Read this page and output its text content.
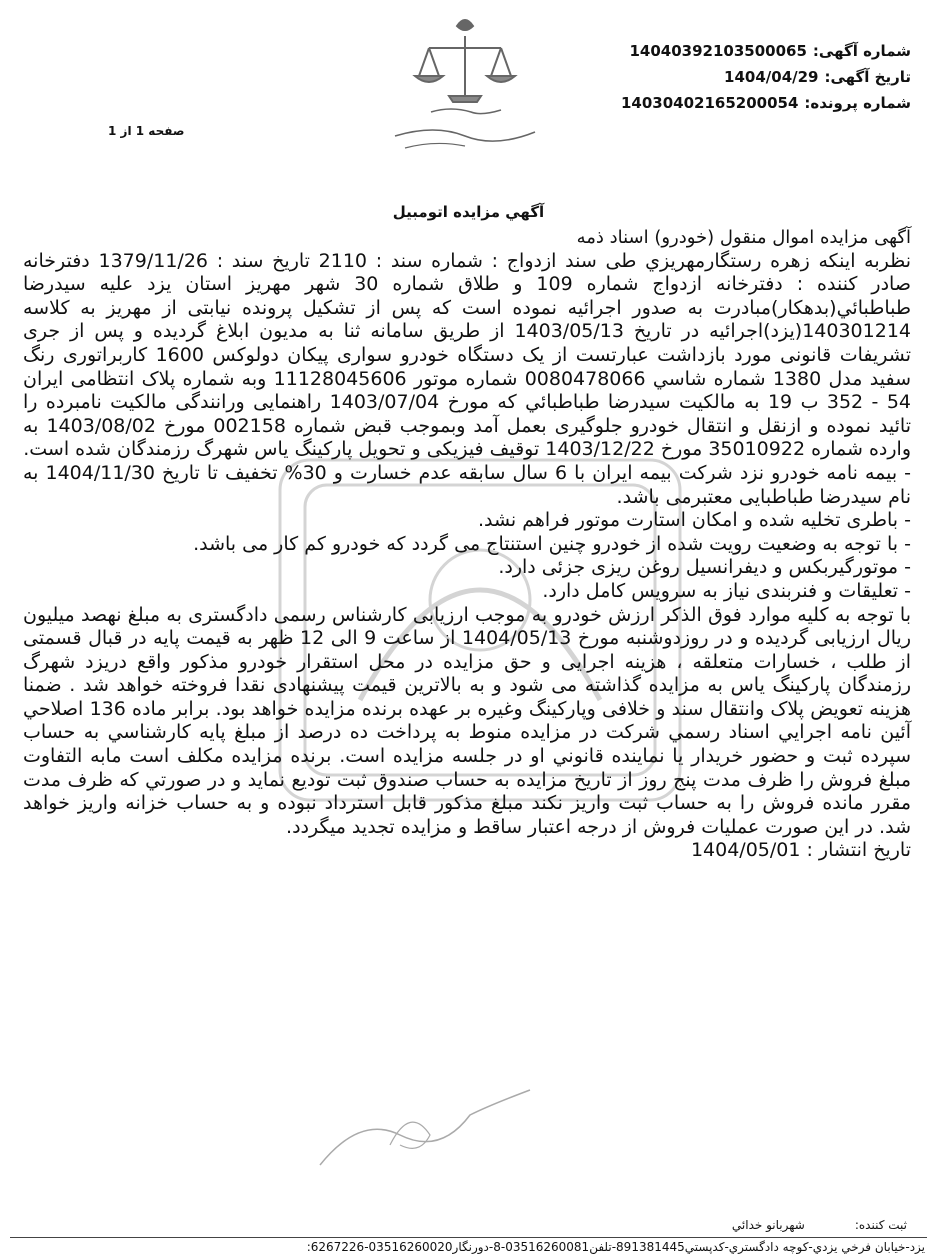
شماره آگهی:
14040392103500065
تاریخ آگهی:
1404/04/29
شماره پرونده:
14030402165200054
صفحه 1 از 1
آگهي مزايده اتومبيل

آگهی مزایده اموال منقول (خودرو) اسناد ذمه

نظربه اینکه زهره رستگارمهریزي طی سند ازدواج : شماره سند : 2110 تاریخ سند : 1379/11/26 دفترخانه صادر کننده : دفترخانه ازدواج شماره 109 و طلاق شماره 30 شهر مهریز استان یزد علیه سیدرضا طباطبائي(بدهکار)مبادرت به صدور اجرائیه نموده است که پس از تشکیل پرونده نیابتی از مهریز به کلاسه 140301214(یزد)اجرائیه در تاریخ 1403/05/13 از طریق سامانه ثنا به مدیون ابلاغ گردیده و پس از جری تشریفات قانونی مورد بازداشت عبارتست از یک دستگاه خودرو سواری پیکان دولوکس 1600 کاربراتوری رنگ سفید مدل 1380 شماره شاسي 0080478066 شماره موتور 11128045606 وبه شماره پلاک انتظامی ایران 54 - 352 ب 19 به مالکیت سیدرضا طباطبائي که مورخ 1403/07/04 راهنمایی ورانندگی مالکیت نامبرده را تائید نموده و ازنقل و انتقال خودرو جلوگیری بعمل آمد وبموجب قبض شماره 002158 مورخ 1403/08/02 به وارده شماره 35010922 مورخ 1403/12/22 توقیف فیزیکی و تحویل پارکینگ یاس شهرگ رزمندگان شده است.

- بیمه نامه خودرو نزد شرکت بیمه ایران با 6 سال سابقه عدم خسارت و 30% تخفیف تا تاریخ 1404/11/30 به نام سیدرضا طباطبایی معتبرمی باشد.

- باطری تخلیه شده و امکان استارت موتور فراهم نشد.

- با توجه به وضعیت رویت شده از خودرو چنین استنتاج می گردد که خودرو کم کار می باشد.

- موتورگیربکس و دیفرانسیل روغن ریزی جزئی دارد.

- تعلیقات و فنربندی نیاز به سرویس کامل دارد.

با توجه به کلیه موارد فوق الذکر ارزش خودرو به موجب ارزیابی کارشناس رسمی دادگستری به مبلغ نهصد میلیون ریال ارزیابی گردیده و در روزدوشنبه مورخ 1404/05/13 از ساعت 9 الی 12 ظهر به قیمت پایه در قبال قسمتی از طلب ، خسارات متعلقه ، هزینه اجرایی و حق مزایده در محل استقرار خودرو مذکور واقع دریزد شهرگ رزمندگان پارکینگ یاس به مزایده گذاشته می شود و به بالاترین قیمت پیشنهادی نقدا فروخته خواهد شد . ضمنا هزینه تعویض پلاک وانتقال سند و خلافی وپارکینگ وغیره بر عهده برنده مزایده خواهد بود. برابر ماده 136 اصلاحي آئین نامه اجرایي اسناد رسمي شرکت در مزایده منوط به پرداخت ده درصد از مبلغ پایه کارشناسي به حساب سپرده ثبت و حضور خریدار یا نماینده قانوني او در جلسه مزایده است. برنده مزایده مکلف است مابه التفاوت مبلغ فروش را ظرف مدت پنج روز از تاریخ مزایده به حساب صندوق ثبت تودیع نماید و در صورتي که ظرف مدت مقرر مانده فروش را به حساب ثبت واریز نکند مبلغ مذکور قابل استرداد نبوده و به حساب خزانه واریز خواهد شد. در این صورت عملیات فروش از درجه اعتبار ساقط و مزایده تجدید میگردد.

تاریخ انتشار : 1404/05/01

ثبت کننده:
شهربانو خدائي
یزد-خیابان فرخي یزدي-کوچه دادگستري-کدپستي891381445-تلفن03516260081-8-دورنگار03516260020-6267226:
